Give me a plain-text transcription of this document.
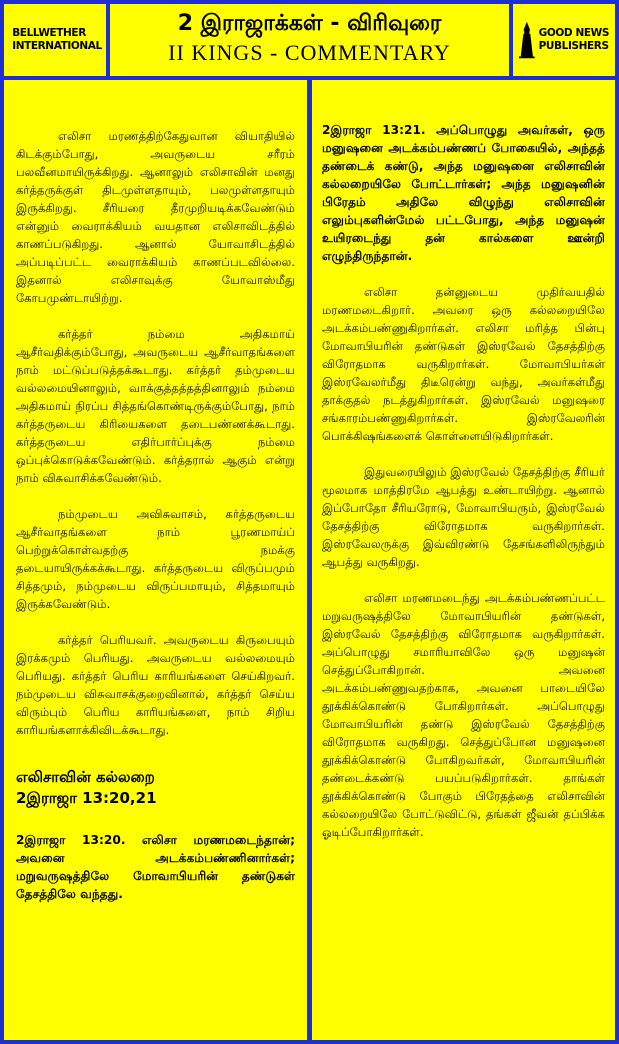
BELLWETHER
INTERNATIONAL
2 இராஜாக்கள் - விரிவுரை
II KINGS - COMMENTARY
GOOD NEWS
PUBLISHERS

எலிசா மரணத்திற்கேதுவான வியாதியில் கிடக்கும்போது, அவருடைய சரீரம் பலவீனமாயிருக்கிறது. ஆனாலும் எலிசாவின் மனது கர்த்தருக்குள் திடமுள்ளதாயும், பலமுள்ளதாயும் இருக்கிறது. சீரியரை தீரமுறியடிக்கவேண்டும் என்னும் வைராக்கியம் வயதான எலிசாவிடத்தில் காணப்படுகிறது. ஆனால் யோவாசிடத்தில் அப்படிப்பட்ட வைராக்கியம் காணப்படவில்லை. இதனால் எலிசாவுக்கு யோவாஸ்மீது கோபமுண்டாயிற்று.

கர்த்தர் நம்மை அதிகமாய் ஆசீர்வதிக்கும்போது, அவருடைய ஆசீர்வாதங்களை நாம் மட்டுப்படுத்தக்கூடாது. கர்த்தர் தம்முடைய வல்லமையினாலும், வாக்குத்தத்தத்தினாலும் நம்மை அதிகமாய் நிரப்ப சித்தங்கொண்டிருக்கும்போது, நாம் கர்த்தருடைய கிரியைகளை தடைபண்ணக்கூடாது. கர்த்தருடைய எதிர்பார்ப்புக்கு நம்மை ஒப்புக்கொடுக்கவேண்டும். கர்த்தரால் ஆகும் என்று நாம் விசுவாசிக்கவேண்டும்.

நம்முடைய அவிசுவாசம், கர்த்தருடைய ஆசீர்வாதங்களை நாம் பூரணமாய்ப் பெற்றுக்கொள்வதற்கு நமக்கு தடையாயிருக்கக்கூடாது. கர்த்தருடைய விருப்பமும் சித்தமும், நம்முடைய விருப்பமாயும், சித்தமாயும் இருக்கவேண்டும்.

கர்த்தர் பெரியவர். அவருடைய கிருபையும் இரக்கமும் பெரியது. அவருடைய வல்லமையும் பெரியது. கர்த்தர் பெரிய காரியங்களை செய்கிறவர். நம்முடைய விசுவாசக்குறைவினால், கர்த்தர் செய்ய விரும்பும் பெரிய காரியங்களை, நாம் சிறிய காரியங்களாக்கிவிடக்கூடாது.

எலிசாவின் கல்லறை
2இராஜா 13:20,21

2இராஜா 13:20. எலிசா மரணமடைந்தான்; அவனை அடக்கம்பண்ணினார்கள்; மறுவருஷத்திலே மோவாபியரின் தண்டுகள் தேசத்திலே வந்தது.

2இராஜா 13:21. அப்பொழுது அவர்கள், ஒரு மனுஷனை அடக்கம்பண்ணப் போகையில், அந்தத் தண்டைக் கண்டு, அந்த மனுஷனை எலிசாவின் கல்லறையிலே போட்டார்கள்; அந்த மனுஷனின் பிரேதம் அதிலே விழுந்து எலிசாவின் எலும்புகளின்மேல் பட்டபோது, அந்த மனுஷன் உயிரடைந்து தன் கால்களை ஊன்றி எழுந்திருந்தான்.

எலிசா தன்னுடைய முதிர்வயதில் மரணமடைகிறார். அவரை ஒரு கல்லறையிலே அடக்கம்பண்ணுகிறார்கள். எலிசா மரித்த பின்பு மோவாபியரின் தண்டுகள் இஸ்ரவேல் தேசத்திற்கு விரோதமாக வருகிறார்கள். மோவாபியர்கள் இஸ்ரவேலர்மீது திடீரென்று வந்து, அவர்கள்மீது தாக்குதல் நடத்துகிறார்கள். இஸ்ரவேல் மனுஷரை சங்காரம்பண்ணுகிறார்கள். இஸ்ரவேலரின் பொக்கிஷங்களைக் கொள்ளையிடுகிறார்கள்.

இதுவரையிலும் இஸ்ரவேல் தேசத்திற்கு சீரியர் மூலமாக மாத்திரமே ஆபத்து உண்டாயிற்று. ஆனால் இப்போதோ சீரியரோடு, மோவாபியரும், இஸ்ரவேல் தேசத்திற்கு விரோதமாக வருகிறார்கள். இஸ்ரவேலருக்கு இவ்விரண்டு தேசங்களிலிருந்தும் ஆபத்து வருகிறது.

எலிசா மரணமடைந்து அடக்கம்பண்ணப்பட்ட மறுவருஷத்திலே மோவாபியரின் தண்டுகள், இஸ்ரவேல் தேசத்திற்கு விரோதமாக வருகிறார்கள். அப்பொழுது சமாரியாவிலே ஒரு மனுஷன் செத்துப்போகிறான். அவனை அடக்கம்பண்ணுவதற்காக, அவனை பாடையிலே தூக்கிக்கொண்டு போகிறார்கள். அப்பொழுது மோவாபியரின் தண்டு இஸ்ரவேல் தேசத்திற்கு விரோதமாக வருகிறது. செத்துப்போன மனுஷனை தூக்கிக்கொண்டு போகிறவர்கள், மோவாபியரின் தண்டைக்கண்டு பயப்படுகிறார்கள். தாங்கள் தூக்கிக்கொண்டு போகும் பிரேதத்தை எலிசாவின் கல்லறையிலே போட்டுவிட்டு, தங்கள் ஜீவன் தப்பிக்க ஓடிப்போகிறார்கள்.
